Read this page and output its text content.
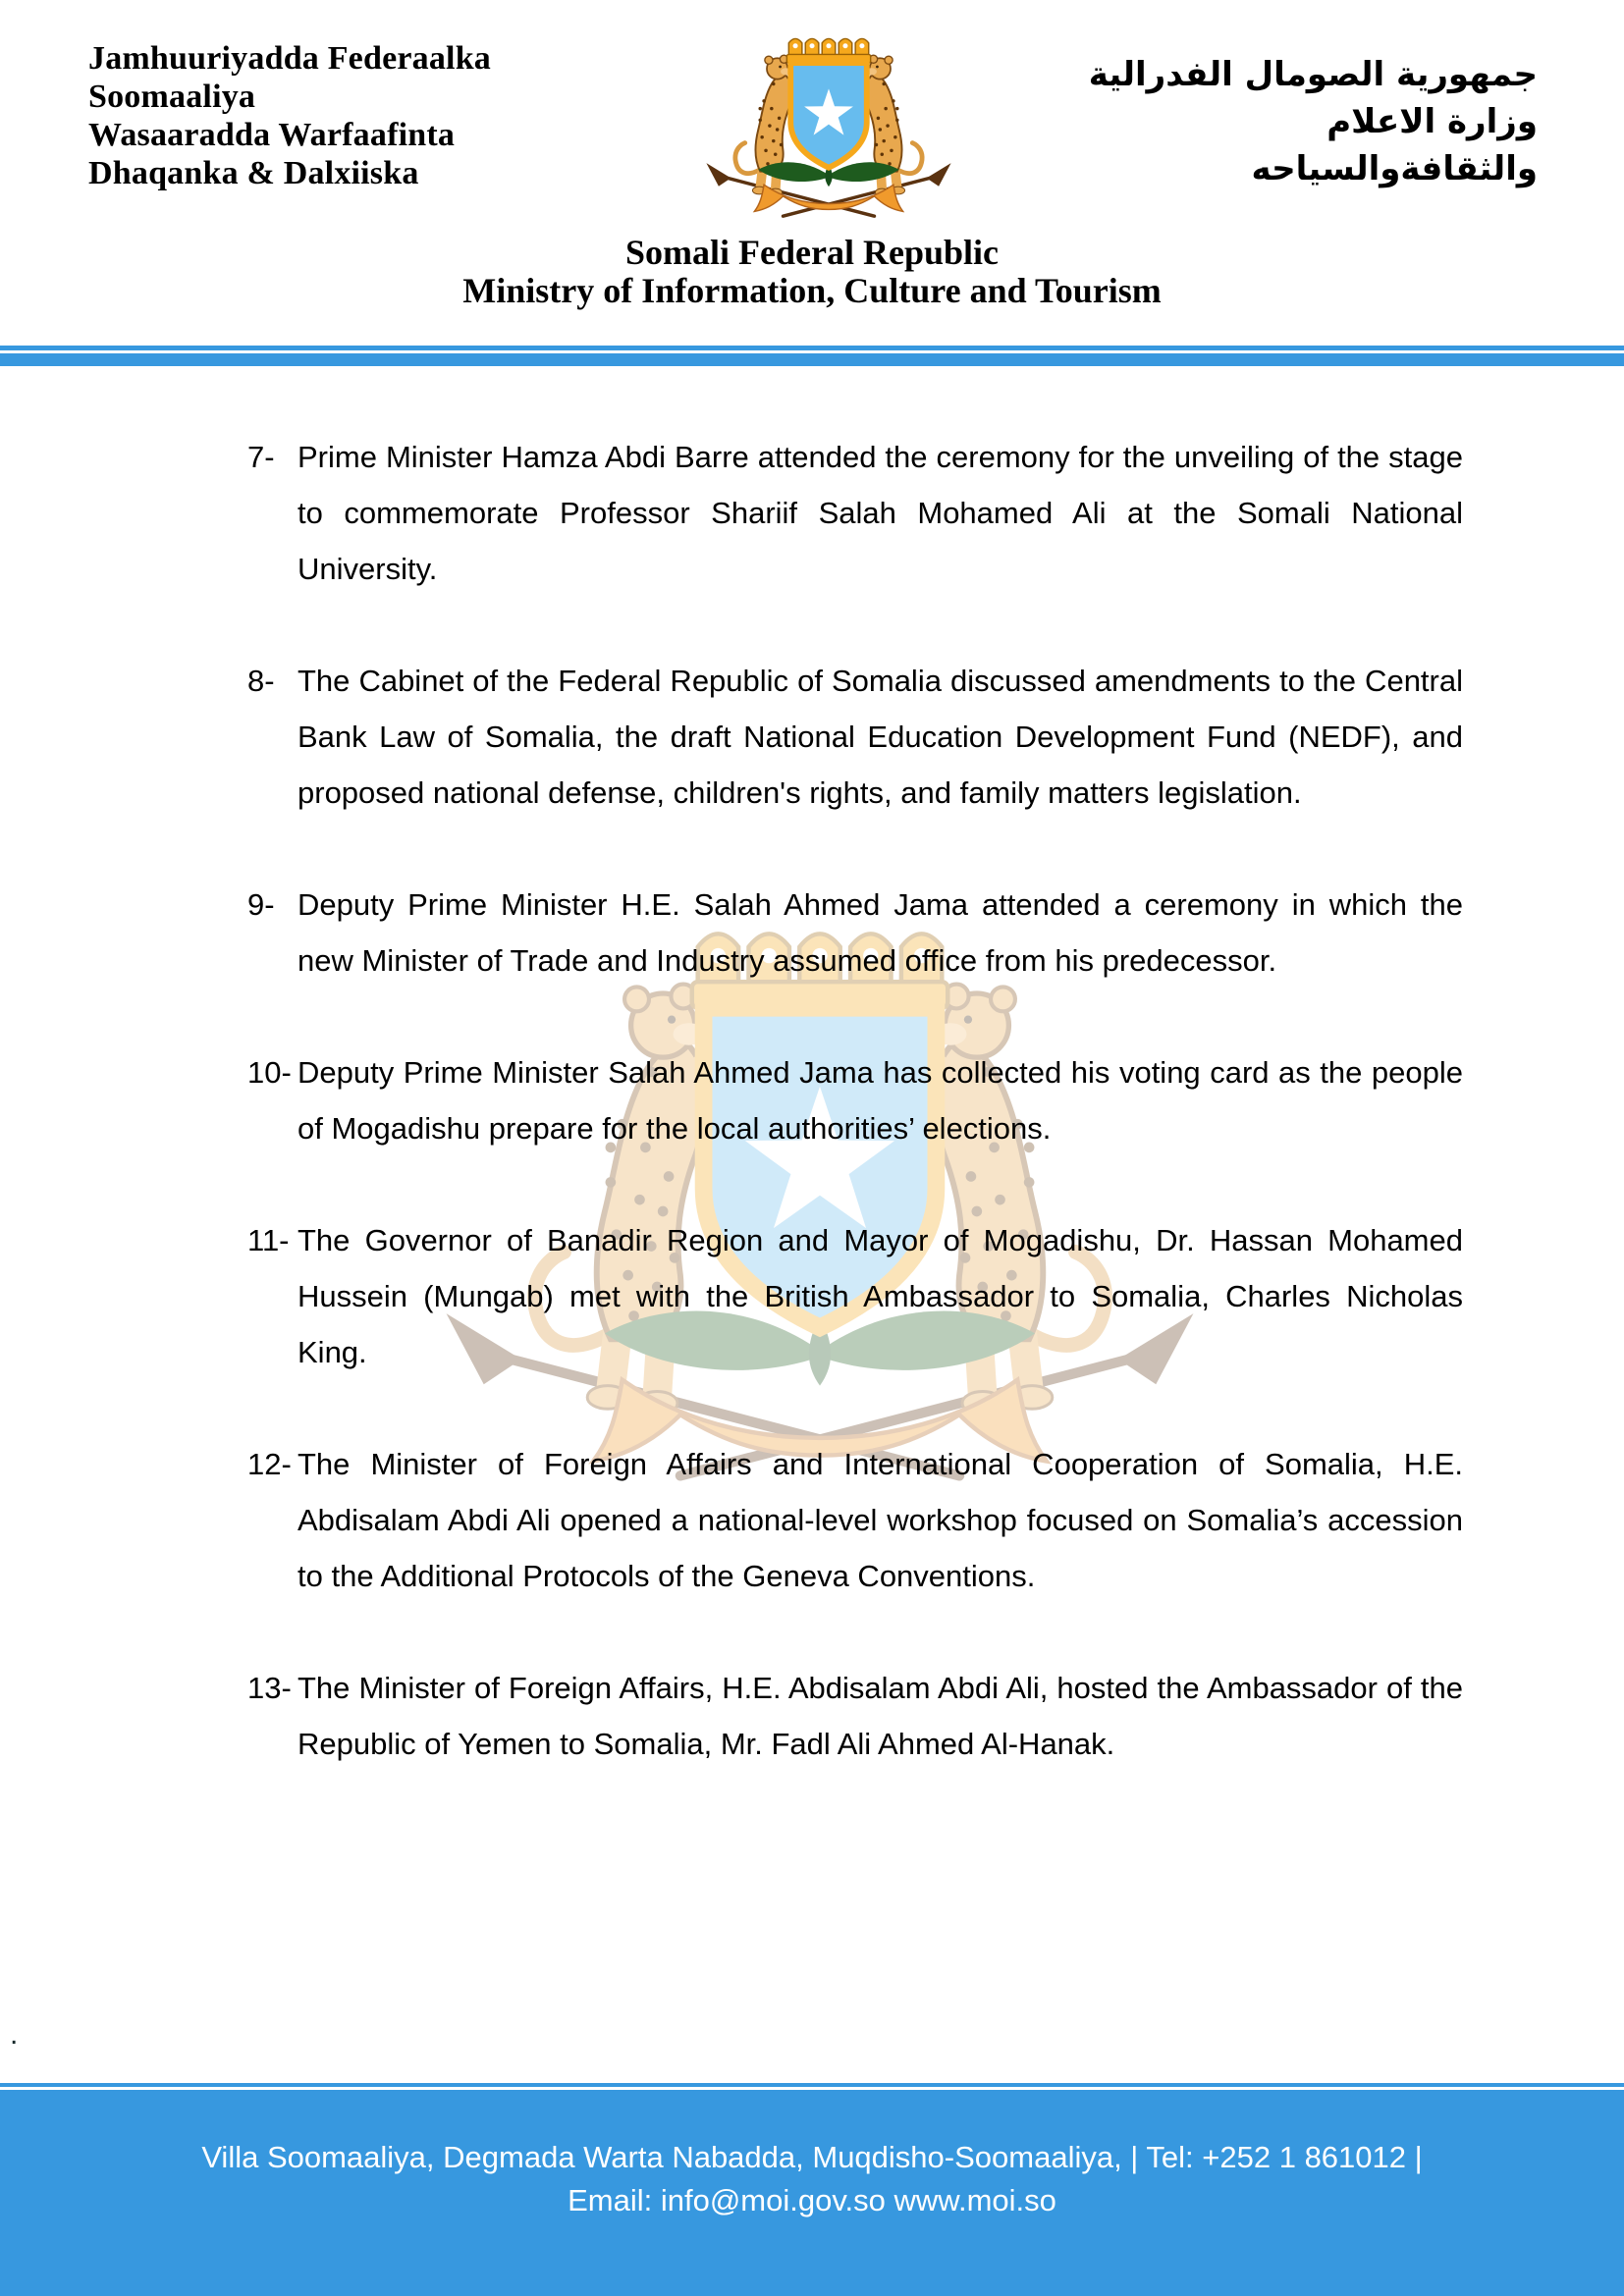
Jamhuuriyadda Federaalka
Soomaaliya
Wasaaradda Warfaafinta
Dhaqanka & Dalxiiska
جمهورية الصومال الفدرالية
وزارة الاعلام
والثقافةوالسياحه
Somali Federal Republic
Ministry of Information, Culture and Tourism

7- Prime Minister Hamza Abdi Barre attended the ceremony for the unveiling of the stage to commemorate Professor Shariif Salah Mohamed Ali at the Somali National University.

8- The Cabinet of the Federal Republic of Somalia discussed amendments to the Central Bank Law of Somalia, the draft National Education Development Fund (NEDF), and proposed national defense, children's rights, and family matters legislation.

9- Deputy Prime Minister H.E. Salah Ahmed Jama attended a ceremony in which the new Minister of Trade and Industry assumed office from his predecessor.

10- Deputy Prime Minister Salah Ahmed Jama has collected his voting card as the people of Mogadishu prepare for the local authorities’ elections.

11- The Governor of Banadir Region and Mayor of Mogadishu, Dr. Hassan Mohamed Hussein (Mungab) met with the British Ambassador to Somalia, Charles Nicholas King.

12- The Minister of Foreign Affairs and International Cooperation of Somalia, H.E. Abdisalam Abdi Ali opened a national-level workshop focused on Somalia’s accession to the Additional Protocols of the Geneva Conventions.

13- The Minister of Foreign Affairs, H.E. Abdisalam Abdi Ali, hosted the Ambassador of the Republic of Yemen to Somalia, Mr. Fadl Ali Ahmed Al-Hanak.

.

Villa Soomaaliya, Degmada Warta Nabadda, Muqdisho-Soomaaliya, | Tel: +252 1 861012 |

Email: info@moi.gov.so www.moi.so
